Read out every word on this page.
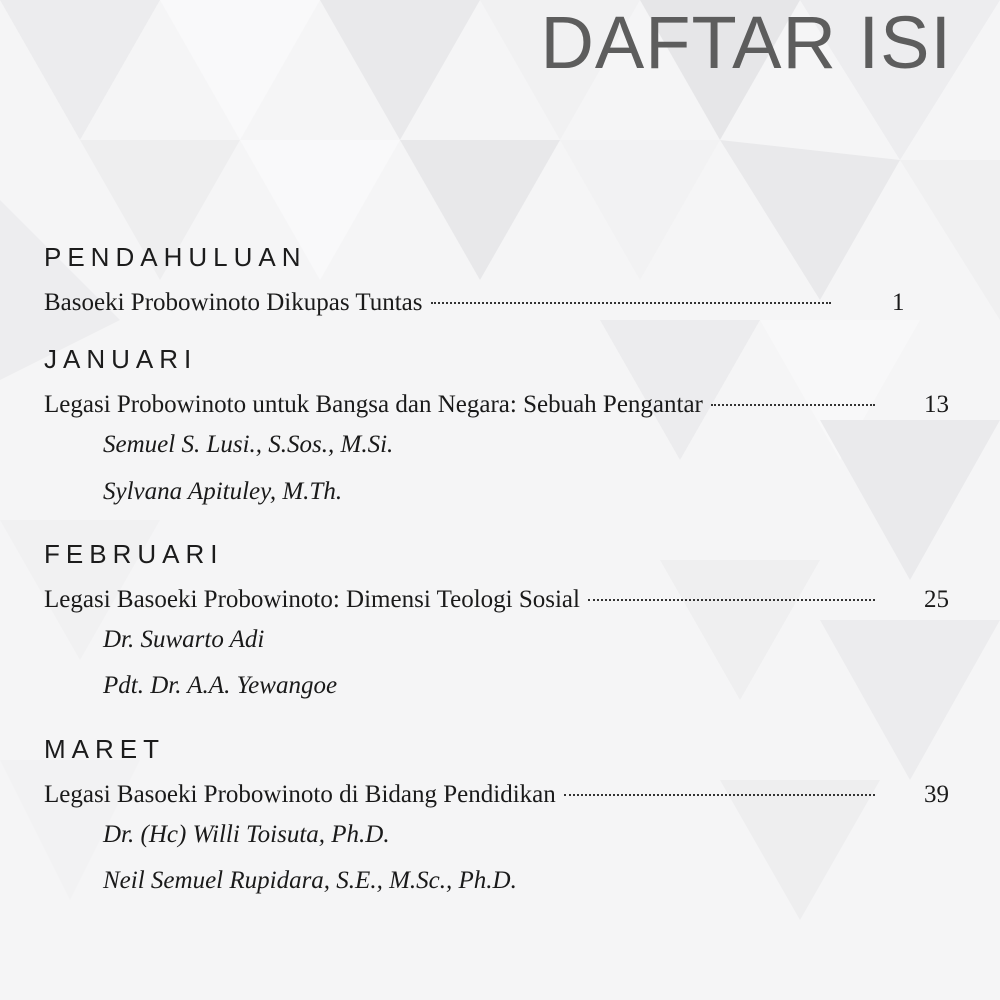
DAFTAR ISI
PENDAHULUAN
Basoeki Probowinoto Dikupas Tuntas	1
JANUARI
Legasi Probowinoto untuk Bangsa dan Negara: Sebuah Pengantar	13
Semuel S. Lusi., S.Sos., M.Si.
Sylvana Apituley, M.Th.
FEBRUARI
Legasi Basoeki Probowinoto: Dimensi Teologi Sosial	25
Dr. Suwarto Adi
Pdt. Dr. A.A. Yewangoe
MARET
Legasi Basoeki Probowinoto di Bidang Pendidikan	39
Dr. (Hc) Willi Toisuta, Ph.D.
Neil Semuel Rupidara, S.E., M.Sc., Ph.D.
